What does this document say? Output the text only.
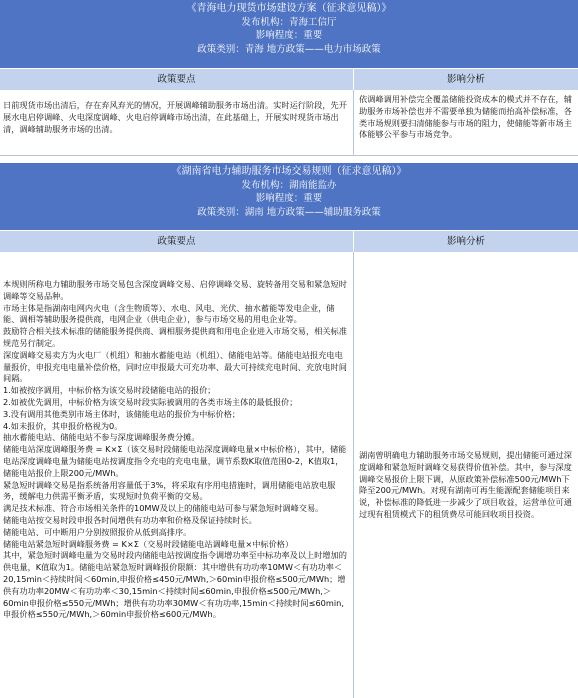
《青海电力现货市场建设方案（征求意见稿）》
发布机构：青海工信厅
影响程度：重要
政策类别：青海 地方政策——电力市场政策
政策要点	影响分析

日前现货市场出清后，存在弃风弃光的情况，开展调峰辅助服务市场出清。实时运行阶段，先开展水电启停调峰、火电深度调峰、火电启停调峰市场出清，在此基础上，开展实时现货市场出清，调峰辅助服务市场的出清。

依调峰调用补偿完全覆盖储能投资成本的模式并不存在，辅助服务市场补偿也并不需要单独为储能而抬高补偿标准，各类市场规则要扫清储能参与市场的阻力，使储能等新市场主体能够公平参与市场竞争。
《湖南省电力辅助服务市场交易规则（征求意见稿）》
发布机构：湖南能监办
影响程度：重要
政策类别：湖南 地方政策——辅助服务政策
政策要点	影响分析

本规则所称电力辅助服务市场交易包含深度调峰交易、启停调峰交易、旋转备用交易和紧急短时调峰等交易品种。

市场主体是指湖南电网内火电（含生物质等）、水电、风电、光伏、抽水蓄能等发电企业，储能、调相等辅助服务提供商，电网企业（供电企业），参与市场交易的用电企业等。

鼓励符合相关技术标准的储能服务提供商、调相服务提供商和用电企业进入市场交易，相关标准规范另行制定。

深度调峰交易卖方为火电厂（机组）和抽水蓄能电站（机组）、储能电站等。储能电站报充电电量报价，申报充电电量补偿价格，同时应申报最大可充功率、最大可持续充电时间、充放电时间间隔。

1.如被按序调用，中标价格为该交易时段储能电站的报价；

2.如被优先调用，中标价格为该交易时段实际被调用的各类市场主体的最低报价；

3.没有调用其他类别市场主体时，该储能电站的报价为中标价格；

4.如未报价，其申报价格视为0。

抽水蓄能电站、储能电站不参与深度调峰服务费分摊。

储能电站深度调峰服务费 = K×Σ（该交易时段储能电站深度调峰电量×中标价格），其中，储能电站深度调峰电量为储能电站按调度指令充电的充电电量，调节系数K取值范围0-2，K值取1，储能电站报价上限200元/MWh。

紧急短时调峰交易是指系统备用容量低于3%，将采取有序用电措施时，调用储能电站放电服务，缓解电力供需平衡矛盾，实现短时负荷平衡的交易。

满足技术标准、符合市场相关条件的10MW及以上的储能电站可参与紧急短时调峰交易。

储能电站按交易时段申报各时间增供有功功率和价格及保证持续时长。

储能电站、可中断用户分别按照报价从低到高排序。

储能电站紧急短时调峰服务费 = K×Σ（交易时段储能电站调峰电量×中标价格）

其中，紧急短时调峰电量为交易时段内储能电站按调度指令调增功率至中标功率及以上时增加的供电量，K值取为1。储能电站紧急短时调峰报价限额：其中增供有功功率10MW＜有功功率＜20,15min＜持续时间＜60min,申报价格≤450元/MWh,＞60min申报价格≤500元/MWh；增供有功功率20MW＜有功功率＜30,15min＜持续时间≤60min,申报价格≤500元/MWh,＞60min申报价格≤550元/MWh；增供有功功率30MW＜有功功率,15min＜持续时间≤60min,申报价格≤550元/MWh,＞60min申报价格≤600元/MWh。

湖南曾明确电力辅助服务市场交易规则，提出储能可通过深度调峰和紧急短时调峰交易获得价值补偿。其中，参与深度调峰交易报价上限下调，从原政策补偿标准500元/MWh下降至200元/MWh。对现有湖南可再生能源配套储能项目来说，补偿标准的降低进一步减少了项目收益，运营单位可通过现有租赁模式下的租赁费尽可能回收项目投资。
